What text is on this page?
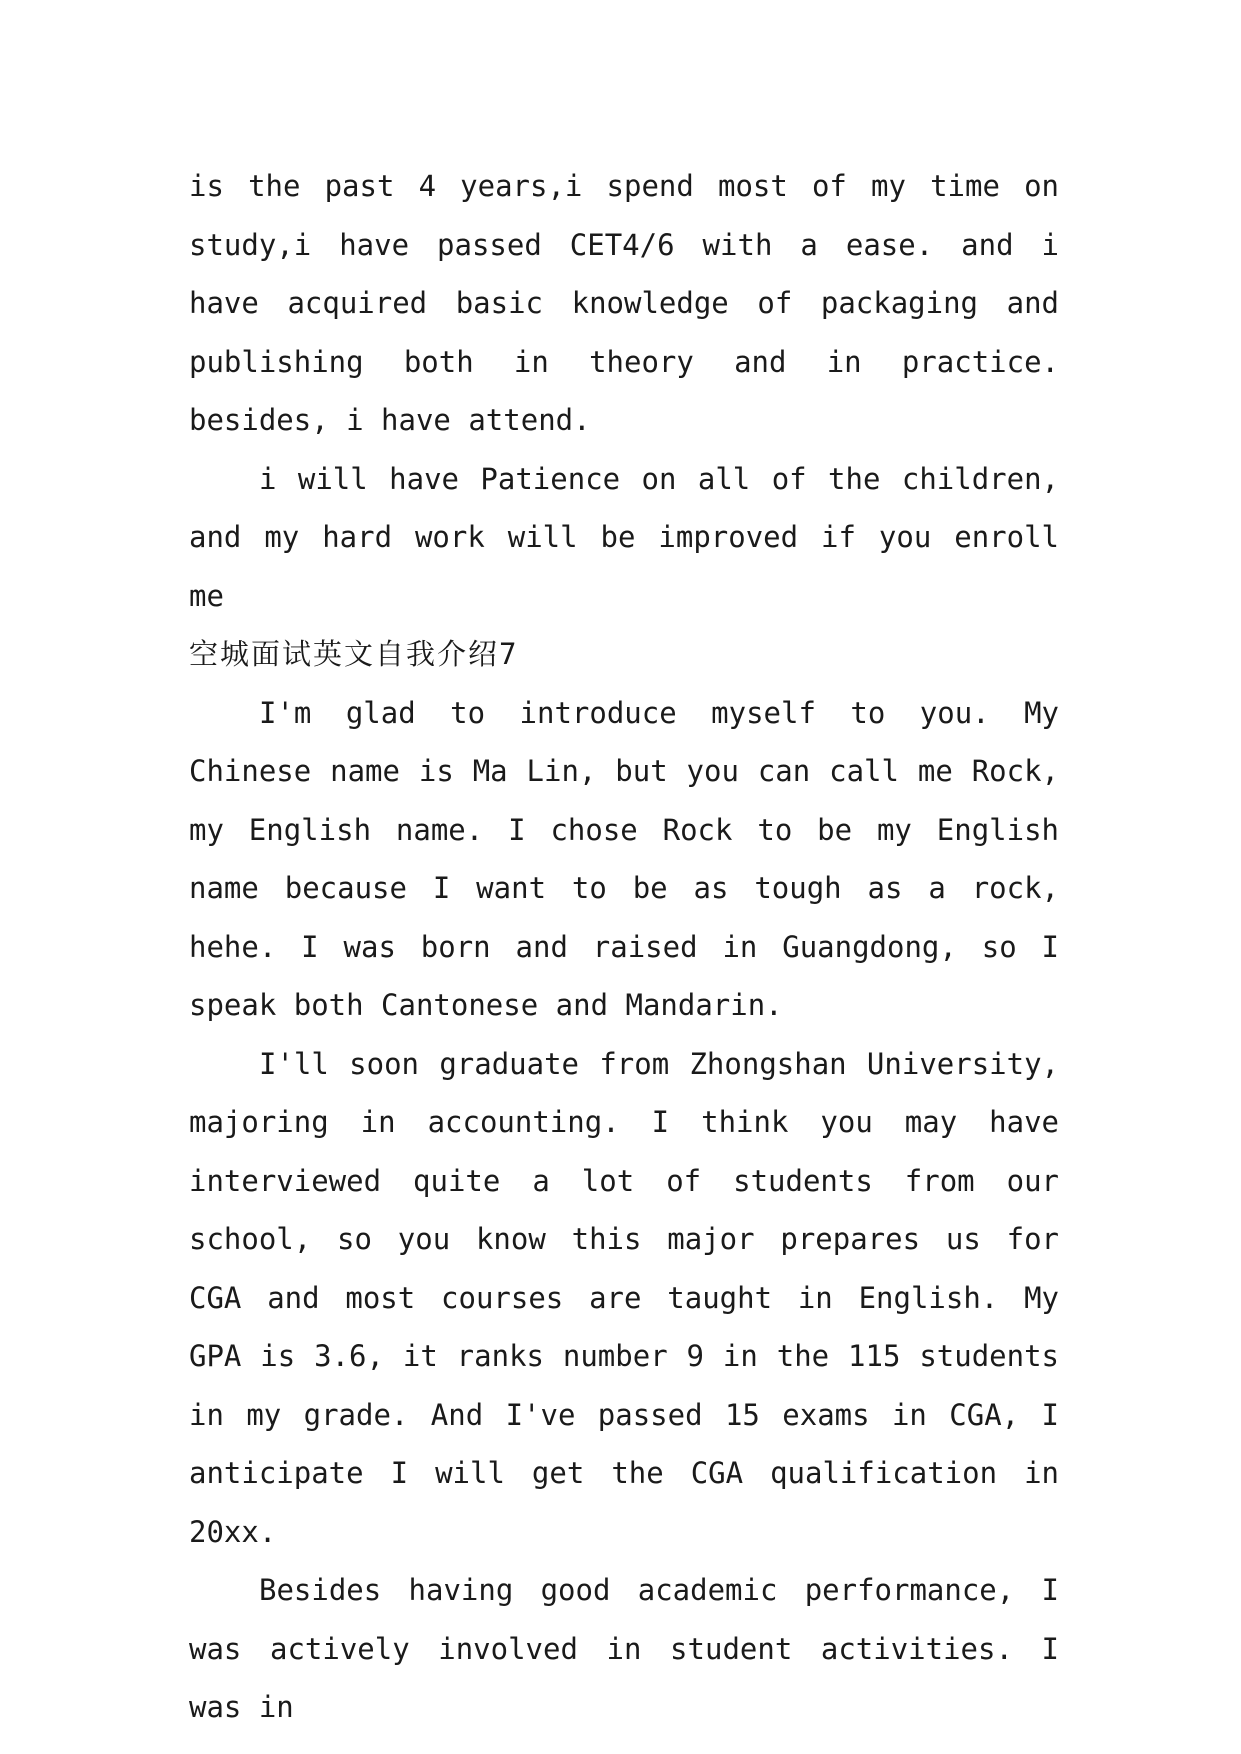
is the past 4 years,i spend most of my time on study,i have passed CET4/6 with a ease. and i have acquired basic knowledge of packaging and publishing both in theory and in practice. besides, i have attend.

i will have Patience on all of the children, and my hard work will be improved if you enroll me

空城面试英文自我介绍7

I'm glad to introduce myself to you. My Chinese name is Ma Lin, but you can call me Rock, my English name. I chose Rock to be my English name because I want to be as tough as a rock, hehe. I was born and raised in Guangdong, so I speak both Cantonese and Mandarin.

I'll soon graduate from Zhongshan University, majoring in accounting. I think you may have interviewed quite a lot of students from our school, so you know this major prepares us for CGA and most courses are taught in English. My GPA is 3.6, it ranks number 9 in the 115 students in my grade. And I've passed 15 exams in CGA, I anticipate I will get the CGA qualification in 20xx.

Besides having good academic performance, I was actively involved in student activities. I was in
